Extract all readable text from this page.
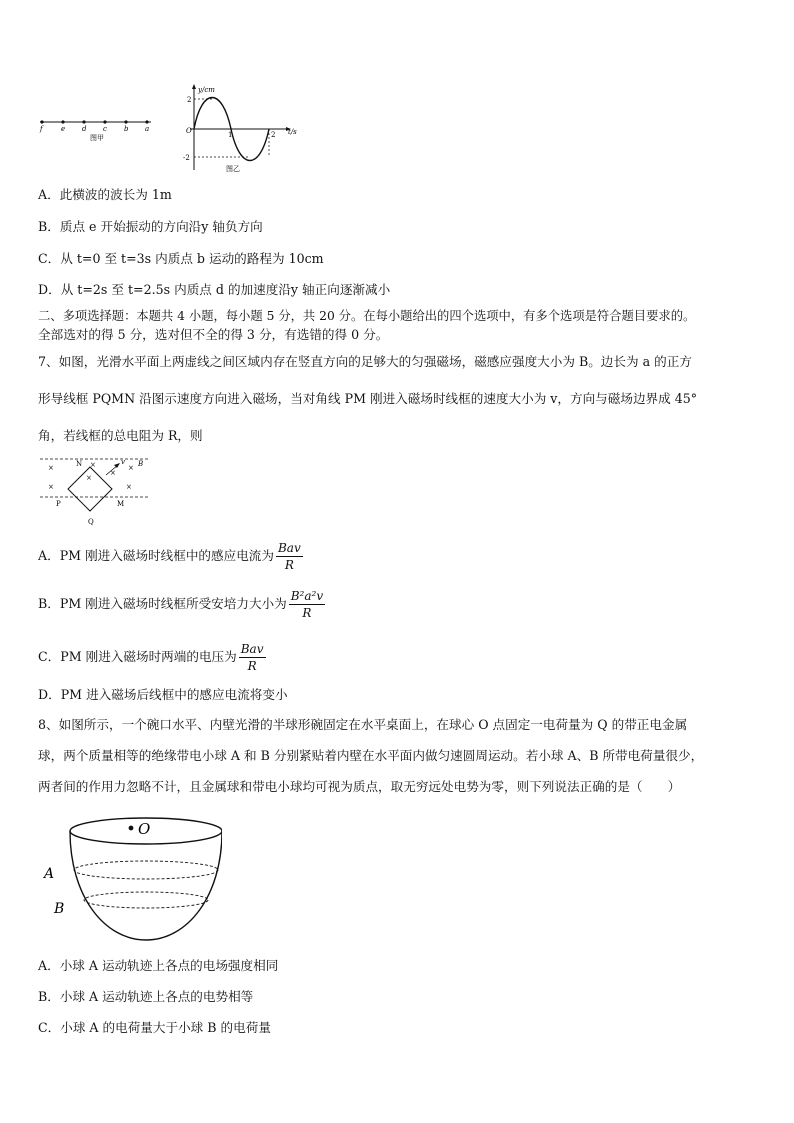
f	e d c b a
图甲
y/cm
t/s
2
-2
O	1	2
图乙
A．此横波的波长为 1m
B．质点 e 开始振动的方向沿y 轴负方向
C．从 t=0 至 t=3s 内质点 b 运动的路程为 10cm
D．从 t=2s 至 t=2.5s 内质点 d 的加速度沿y 轴正向逐渐减小
二、多项选择题：本题共 4 小题，每小题 5 分，共 20 分。在每小题给出的四个选项中，有多个选项是符合题目要求的。
全部选对的得 5 分，选对但不全的得 3 分，有选错的得 0 分。
7、如图，光滑水平面上两虚线之间区域内存在竖直方向的足够大的匀强磁场，磁感应强度大小为 B。边长为 a 的正方
形导线框 PQMN 沿图示速度方向进入磁场，当对角线 PM 刚进入磁场时线框的速度大小为 v，方向与磁场边界成 45°
角，若线框的总电阻为 R，则
×	×	×
×
×
×
×
N	v B
P	M
Q
A．PM 刚进入磁场时线框中的感应电流为 $\frac{\text{Bav}}{R}$
B．PM 刚进入磁场时线框所受安培力大小为 $\frac{\text{B²a²v}}{R}$
C．PM 刚进入磁场时两端的电压为 $\frac{\text{Bav}}{R}$
D．PM 进入磁场后线框中的感应电流将变小
8、如图所示，一个碗口水平、内壁光滑的半球形碗固定在水平桌面上，在球心 O 点固定一电荷量为 Q 的带正电金属
球，两个质量相等的绝缘带电小球 A 和 B 分别紧贴着内壁在水平面内做匀速圆周运动。若小球 A、B 所带电荷量很少，
两者间的作用力忽略不计，且金属球和带电小球均可视为质点，取无穷远处电势为零，则下列说法正确的是（　　）
O
A
B
A．小球 A 运动轨迹上各点的电场强度相同
B．小球 A 运动轨迹上各点的电势相等
C．小球 A 的电荷量大于小球 B 的电荷量
